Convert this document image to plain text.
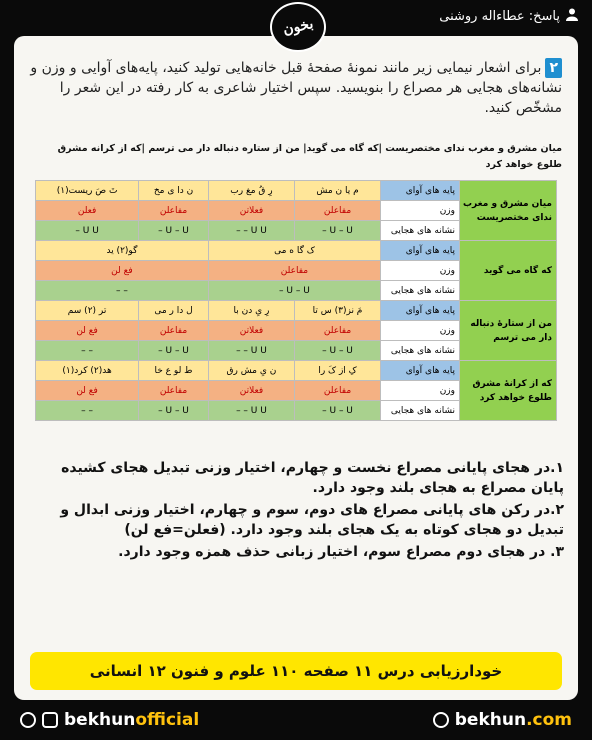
پاسخ: عطاءاله روشنی
بخون
۲برای اشعار نیمایی زیر مانند نمونهٔ صفحهٔ قبل خانه‌هایی تولید کنید، پایه‌های آوایی و وزن و نشانه‌های هجایی هر مصراع را بنویسید. سپس اختیار شاعری به کار رفته در این شعر را مشخّص کنید.
میان مشرق و مغرب ندای مختصریست |که گاه می گوید| من از ستاره دنباله دار می ترسم |که از کرانه مشرق طلوع خواهد کرد
میان مشرق و مغرب ندای مختصریست	پایه های آوای	م یا ن مش	رِ قُ مغ رب	ن دا ی مخ	تَ صَ ریست(۱)
	وزن	مفاعلن	فعلاتن	مفاعلن	فعلن
	نشانه های هجایی	U – U –	U U – –	U – U –	U U –
که گاه می گوید	پایه های آوای	ک گا ه می		گو(۲) ید	
	وزن	مفاعلن		فع لن	
	نشانه های هجایی	U – U –		– –	
من از ستارهٔ دنباله دار می ترسم	پایه های آوای	مَ نز(۳) س تا	رِ یِ دن با	ل دا ر می	تر (۲) سم
	وزن	مفاعلن	فعلاتن	مفاعلن	فع لن
	نشانه های هجایی	U – U –	U U – –	U – U –	– –
که از کرانهٔ مشرق طلوع خواهد کرد	پایه های آوای	کِ از کَ را	ن یِ مش رق	ط لو ع خا	هد(۲) کرد(۱)
	وزن	مفاعلن	فعلاتن	مفاعلن	فع لن
	نشانه های هجایی	U – U –	U U – –	U – U –	– –

۱.در هجای پایانی مصراع نخست و چهارم، اختیار وزنی تبدیل هجای کشیده پایان مصراع به هجای بلند وجود دارد.

۲.در رکن های پایانی مصراع های دوم، سوم و چهارم، اختیار وزنی ابدال و تبدیل دو هجای کوتاه به یک هجای بلند وجود دارد. (فعلن=فع لن)

۳. در هجای دوم مصراع سوم، اختیار زبانی حذف همزه وجود دارد.

خودارزیابی درس ۱۱ صفحه ۱۱۰ علوم و فنون ۱۲ انسانی
bekhun official	bekhun .com
